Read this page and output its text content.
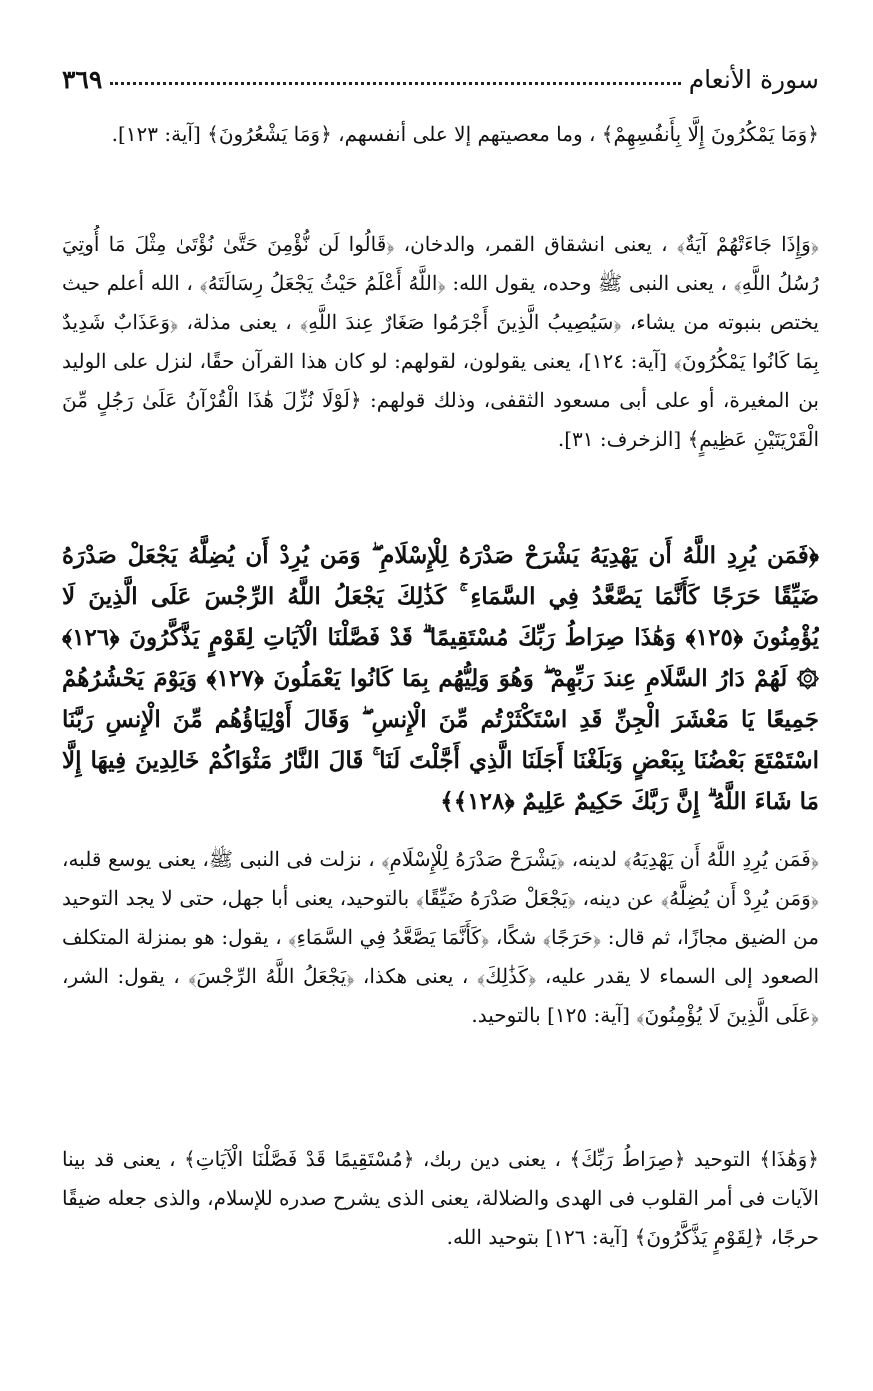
سورة الأنعام
٣٦٩

﴿وَمَا يَمْكُرُونَ إِلَّا بِأَنفُسِهِمْ﴾ ، وما معصيتهم إلا على أنفسهم، ﴿وَمَا يَشْعُرُونَ﴾ [آية: ١٢٣].

﴿وَإِذَا جَاءَتْهُمْ آيَةٌ﴾ ، يعنى انشقاق القمر، والدخان، ﴿قَالُوا لَن نُّؤْمِنَ حَتَّىٰ نُؤْتَىٰ مِثْلَ مَا أُوتِيَ رُسُلُ اللَّهِ﴾ ، يعنى النبى ﷺ وحده، يقول الله: ﴿اللَّهُ أَعْلَمُ حَيْثُ يَجْعَلُ رِسَالَتَهُ﴾ ، الله أعلم حيث يختص بنبوته من يشاء، ﴿سَيُصِيبُ الَّذِينَ أَجْرَمُوا صَغَارٌ عِندَ اللَّهِ﴾ ، يعنى مذلة، ﴿وَعَذَابٌ شَدِيدٌ بِمَا كَانُوا يَمْكُرُونَ﴾ [آية: ١٢٤]، يعنى يقولون، لقولهم: لو كان هذا القرآن حقًا، لنزل على الوليد بن المغيرة، أو على أبى مسعود الثقفى، وذلك قولهم: ﴿لَوْلَا نُزِّلَ هَٰذَا الْقُرْآنُ عَلَىٰ رَجُلٍ مِّنَ الْقَرْيَتَيْنِ عَظِيمٍ﴾ [الزخرف: ٣١].

﴿فَمَن يُرِدِ اللَّهُ أَن يَهْدِيَهُ يَشْرَحْ صَدْرَهُ لِلْإِسْلَامِ ۖ وَمَن يُرِدْ أَن يُضِلَّهُ يَجْعَلْ صَدْرَهُ ضَيِّقًا حَرَجًا كَأَنَّمَا يَصَّعَّدُ فِي السَّمَاءِ ۚ كَذَٰلِكَ يَجْعَلُ اللَّهُ الرِّجْسَ عَلَى الَّذِينَ لَا يُؤْمِنُونَ ﴿١٢٥﴾ وَهَٰذَا صِرَاطُ رَبِّكَ مُسْتَقِيمًا ۗ قَدْ فَصَّلْنَا الْآيَاتِ لِقَوْمٍ يَذَّكَّرُونَ ﴿١٢٦﴾ ۞ لَهُمْ دَارُ السَّلَامِ عِندَ رَبِّهِمْ ۖ وَهُوَ وَلِيُّهُم بِمَا كَانُوا يَعْمَلُونَ ﴿١٢٧﴾ وَيَوْمَ يَحْشُرُهُمْ جَمِيعًا يَا مَعْشَرَ الْجِنِّ قَدِ اسْتَكْثَرْتُم مِّنَ الْإِنسِ ۖ وَقَالَ أَوْلِيَاؤُهُم مِّنَ الْإِنسِ رَبَّنَا اسْتَمْتَعَ بَعْضُنَا بِبَعْضٍ وَبَلَغْنَا أَجَلَنَا الَّذِي أَجَّلْتَ لَنَا ۚ قَالَ النَّارُ مَثْوَاكُمْ خَالِدِينَ فِيهَا إِلَّا مَا شَاءَ اللَّهُ ۗ إِنَّ رَبَّكَ حَكِيمٌ عَلِيمٌ ﴿١٢٨﴾﴾

﴿فَمَن يُرِدِ اللَّهُ أَن يَهْدِيَهُ﴾ لدينه، ﴿يَشْرَحْ صَدْرَهُ لِلْإِسْلَامِ﴾ ، نزلت فى النبى ﷺ، يعنى يوسع قلبه، ﴿وَمَن يُرِدْ أَن يُضِلَّهُ﴾ عن دينه، ﴿يَجْعَلْ صَدْرَهُ ضَيِّقًا﴾ بالتوحيد، يعنى أبا جهل، حتى لا يجد التوحيد من الضيق مجازًا، ثم قال: ﴿حَرَجًا﴾ شكًا، ﴿كَأَنَّمَا يَصَّعَّدُ فِي السَّمَاءِ﴾ ، يقول: هو بمنزلة المتكلف الصعود إلى السماء لا يقدر عليه، ﴿كَذَٰلِكَ﴾ ، يعنى هكذا، ﴿يَجْعَلُ اللَّهُ الرِّجْسَ﴾ ، يقول: الشر، ﴿عَلَى الَّذِينَ لَا يُؤْمِنُونَ﴾ [آية: ١٢٥] بالتوحيد.

﴿وَهَٰذَا﴾ التوحيد ﴿صِرَاطُ رَبِّكَ﴾ ، يعنى دين ربك، ﴿مُسْتَقِيمًا قَدْ فَصَّلْنَا الْآيَاتِ﴾ ، يعنى قد بينا الآيات فى أمر القلوب فى الهدى والضلالة، يعنى الذى يشرح صدره للإسلام، والذى جعله ضيقًا حرجًا، ﴿لِقَوْمٍ يَذَّكَّرُونَ﴾ [آية: ١٢٦] بتوحيد الله.
